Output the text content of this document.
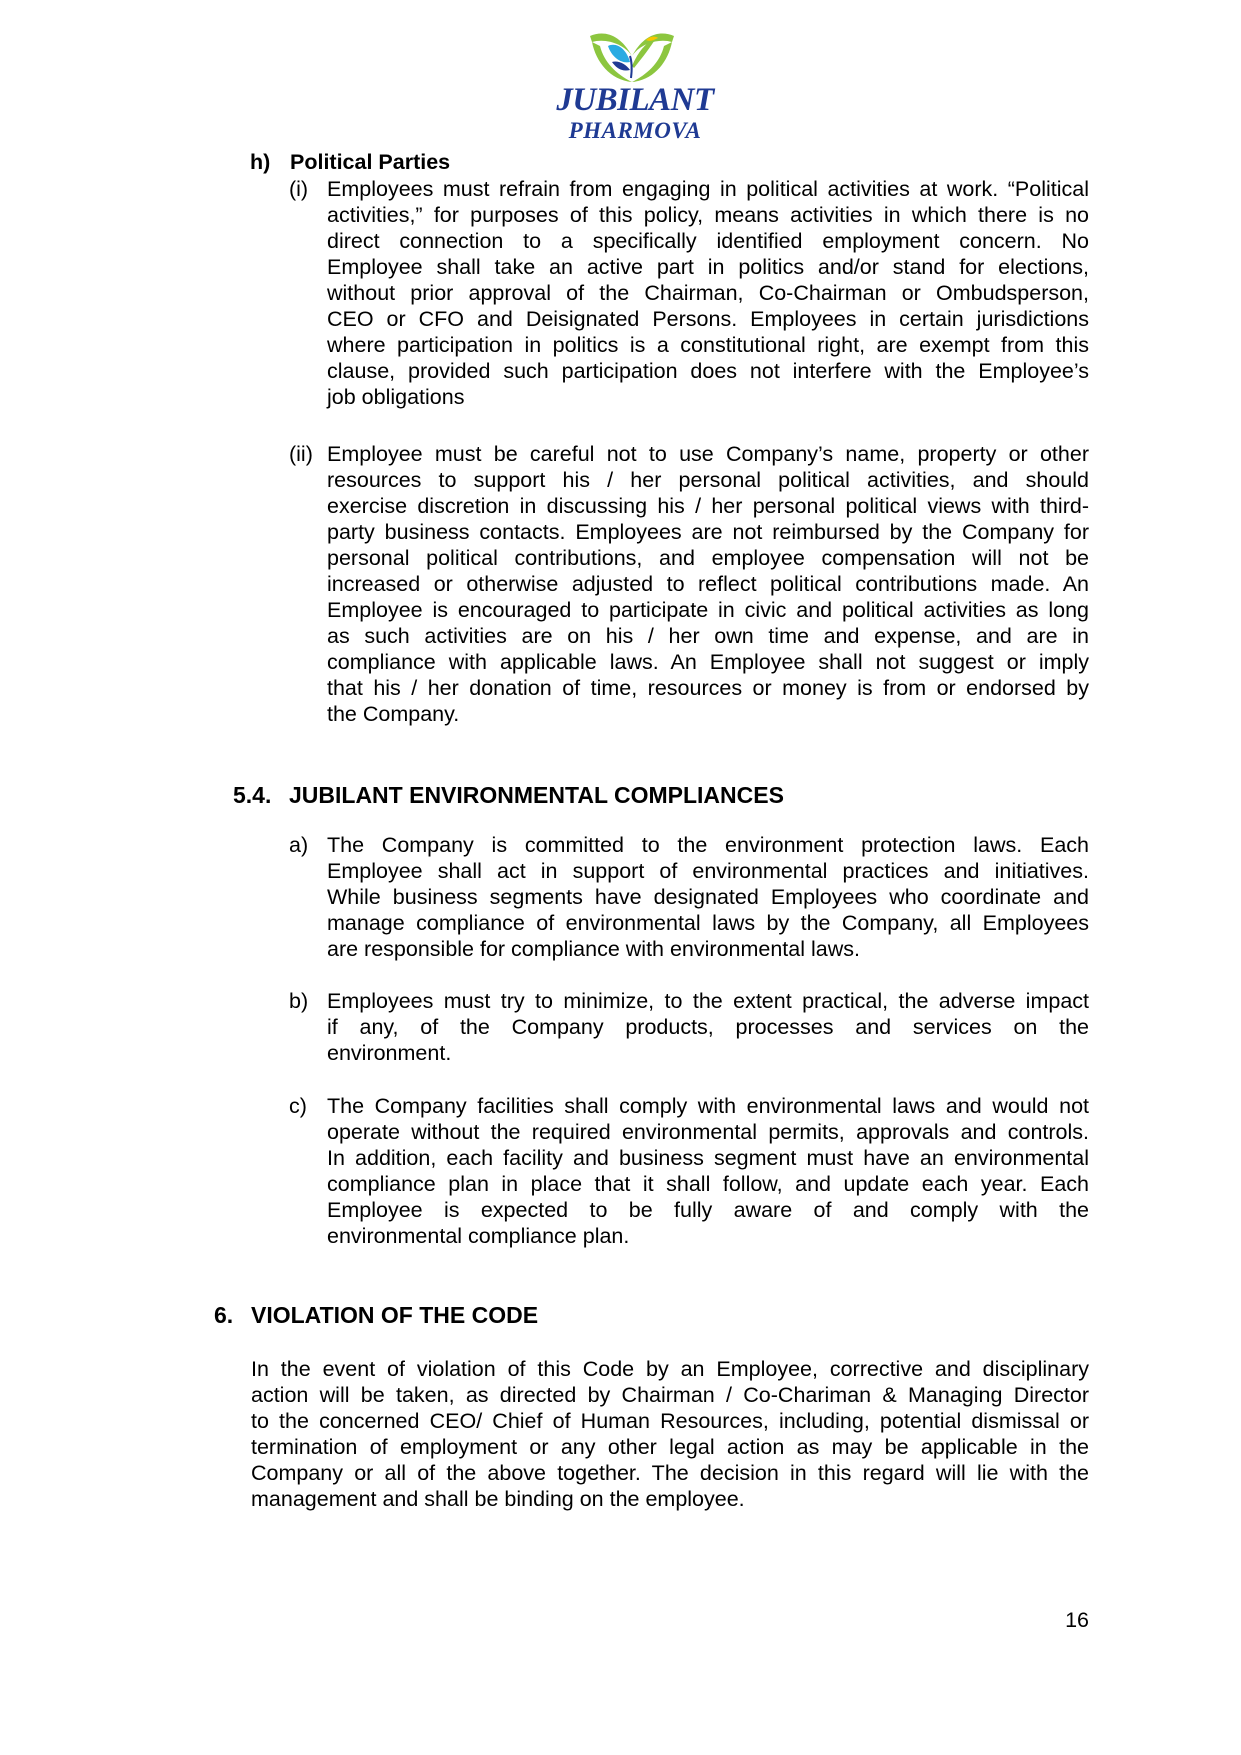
JUBILANT
PHARMOVA
h) Political Parties
(i) Employees must refrain from engaging in political activities at work. “Political
activities,” for purposes of this policy, means activities in which there is no
direct connection to a specifically identified employment concern. No
Employee shall take an active part in politics and/or stand for elections,
without prior approval of the Chairman, Co-Chairman or Ombudsperson,
CEO or CFO and Deisignated Persons. Employees in certain jurisdictions
where participation in politics is a constitutional right, are exempt from this
clause, provided such participation does not interfere with the Employee’s
job obligations
(ii) Employee must be careful not to use Company’s name, property or other
resources to support his / her personal political activities, and should
exercise discretion in discussing his / her personal political views with third-
party business contacts. Employees are not reimbursed by the Company for
personal political contributions, and employee compensation will not be
increased or otherwise adjusted to reflect political contributions made. An
Employee is encouraged to participate in civic and political activities as long
as such activities are on his / her own time and expense, and are in
compliance with applicable laws. An Employee shall not suggest or imply
that his / her donation of time, resources or money is from or endorsed by
the Company.
5.4. JUBILANT ENVIRONMENTAL COMPLIANCES
a) The Company is committed to the environment protection laws. Each
Employee shall act in support of environmental practices and initiatives.
While business segments have designated Employees who coordinate and
manage compliance of environmental laws by the Company, all Employees
are responsible for compliance with environmental laws.
b) Employees must try to minimize, to the extent practical, the adverse impact
if any, of the Company products, processes and services on the
environment.
c) The Company facilities shall comply with environmental laws and would not
operate without the required environmental permits, approvals and controls.
In addition, each facility and business segment must have an environmental
compliance plan in place that it shall follow, and update each year. Each
Employee is expected to be fully aware of and comply with the
environmental compliance plan.
6. VIOLATION OF THE CODE
In the event of violation of this Code by an Employee, corrective and disciplinary
action will be taken, as directed by Chairman / Co-Chariman & Managing Director
to the concerned CEO/ Chief of Human Resources, including, potential dismissal or
termination of employment or any other legal action as may be applicable in the
Company or all of the above together. The decision in this regard will lie with the
management and shall be binding on the employee.
16
